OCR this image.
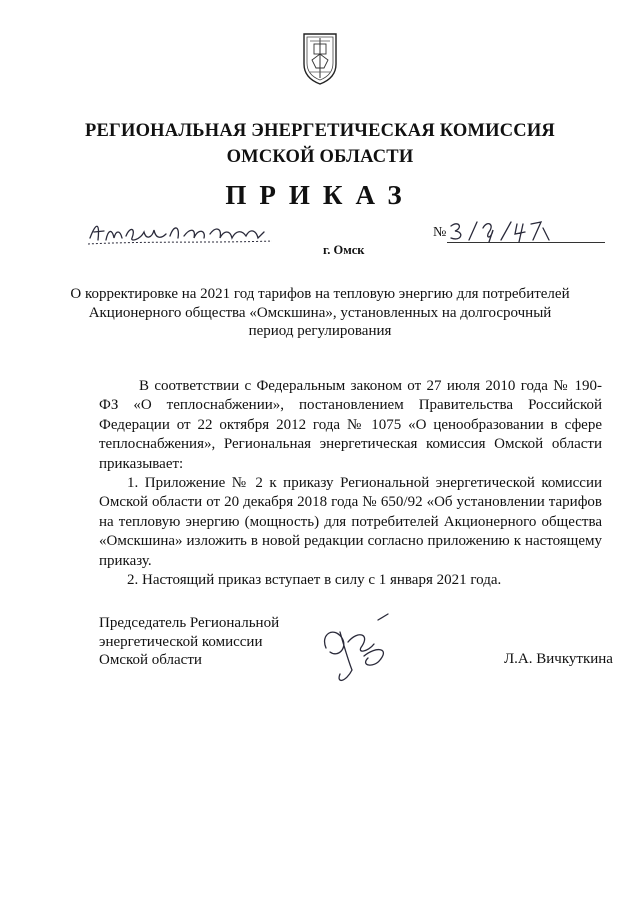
РЕГИОНАЛЬНАЯ ЭНЕРГЕТИЧЕСКАЯ КОМИССИЯ
ОМСКОЙ ОБЛАСТИ
ПРИКАЗ
г. Омск
№
О корректировке на 2021 год тарифов на тепловую энергию для потребителей
Акционерного общества «Омскшина», установленных на долгосрочный
период регулирования

В соответствии с Федеральным законом от 27 июля 2010 года № 190-ФЗ «О теплоснабжении», постановлением Правительства Российской Федерации от 22 октября 2012 года № 1075 «О ценообразовании в сфере теплоснабжения», Региональная энергетическая комиссия Омской области приказывает:

1. Приложение № 2 к приказу Региональной энергетической комиссии Омской области от 20 декабря 2018 года № 650/92 «Об установлении тарифов на тепловую энергию (мощность) для потребителей Акционерного общества «Омскшина» изложить в новой редакции согласно приложению к настоящему приказу.

2. Настоящий приказ вступает в силу с 1 января 2021 года.

Председатель Региональной
энергетической комиссии
Омской области	Л.А. Вичкуткина
